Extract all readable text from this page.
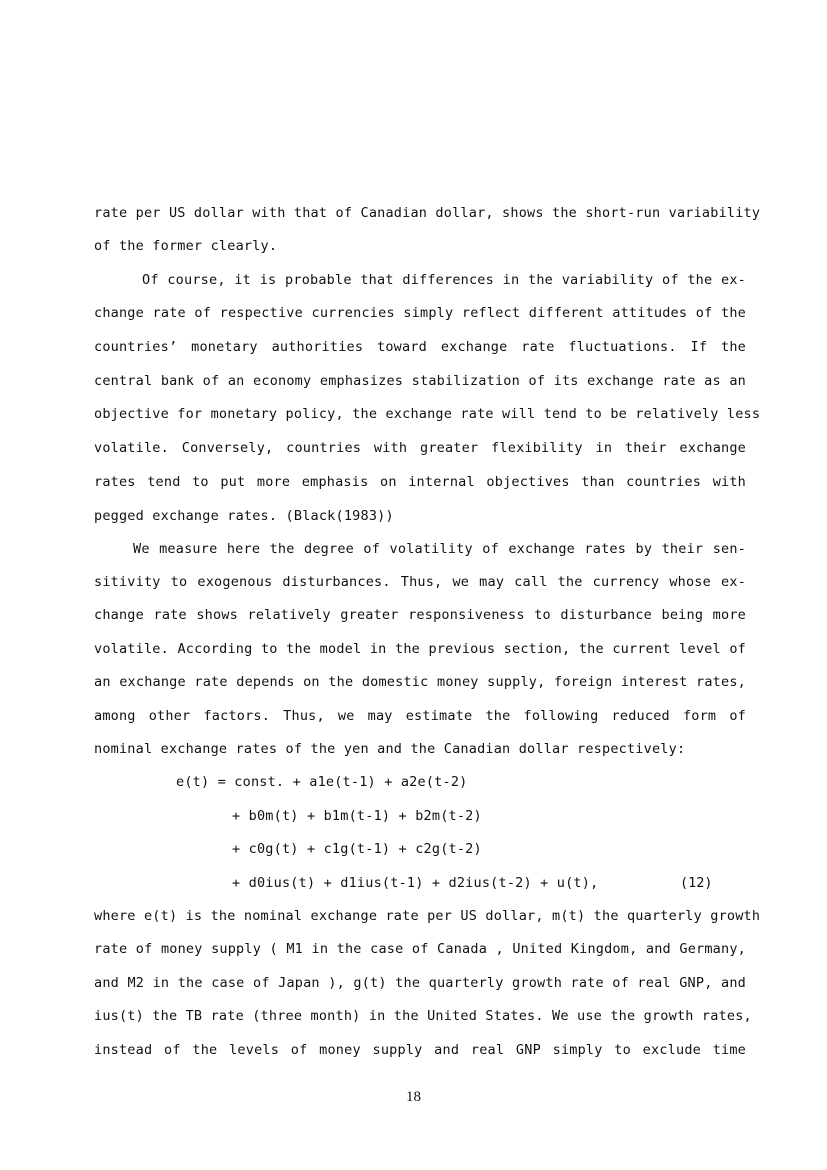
rate per US dollar with that of Canadian dollar, shows the short-run variability
of the former clearly.
Of course, it is probable that differences in the variability of the ex-
change rate of respective currencies simply reflect different attitudes of the
countries’ monetary authorities toward exchange rate fluctuations. If the
central bank of an economy emphasizes stabilization of its exchange rate as an
objective for monetary policy, the exchange rate will tend to be relatively less
volatile. Conversely, countries with greater flexibility in their exchange
rates tend to put more emphasis on internal objectives than countries with
pegged exchange rates. (Black(1983))
We measure here the degree of volatility of exchange rates by their sen-
sitivity to exogenous disturbances. Thus, we may call the currency whose ex-
change rate shows relatively greater responsiveness to disturbance being more
volatile. According to the model in the previous section, the current level of
an exchange rate depends on the domestic money supply, foreign interest rates,
among other factors. Thus, we may estimate the following reduced form of
nominal exchange rates of the yen and the Canadian dollar respectively:
e(t) = const. + a1e(t-1) + a2e(t-2)
+ b0m(t) + b1m(t-1) + b2m(t-2)
+ c0g(t) + c1g(t-1) + c2g(t-2)
+ d0ius(t) + d1ius(t-1) + d2ius(t-2) + u(t),	(12)
where e(t) is the nominal exchange rate per US dollar, m(t) the quarterly growth
rate of money supply ( M1 in the case of Canada , United Kingdom, and Germany,
and M2 in the case of Japan ), g(t) the quarterly growth rate of real GNP, and
ius(t) the TB rate (three month) in the United States. We use the growth rates,
instead of the levels of money supply and real GNP simply to exclude time
18
